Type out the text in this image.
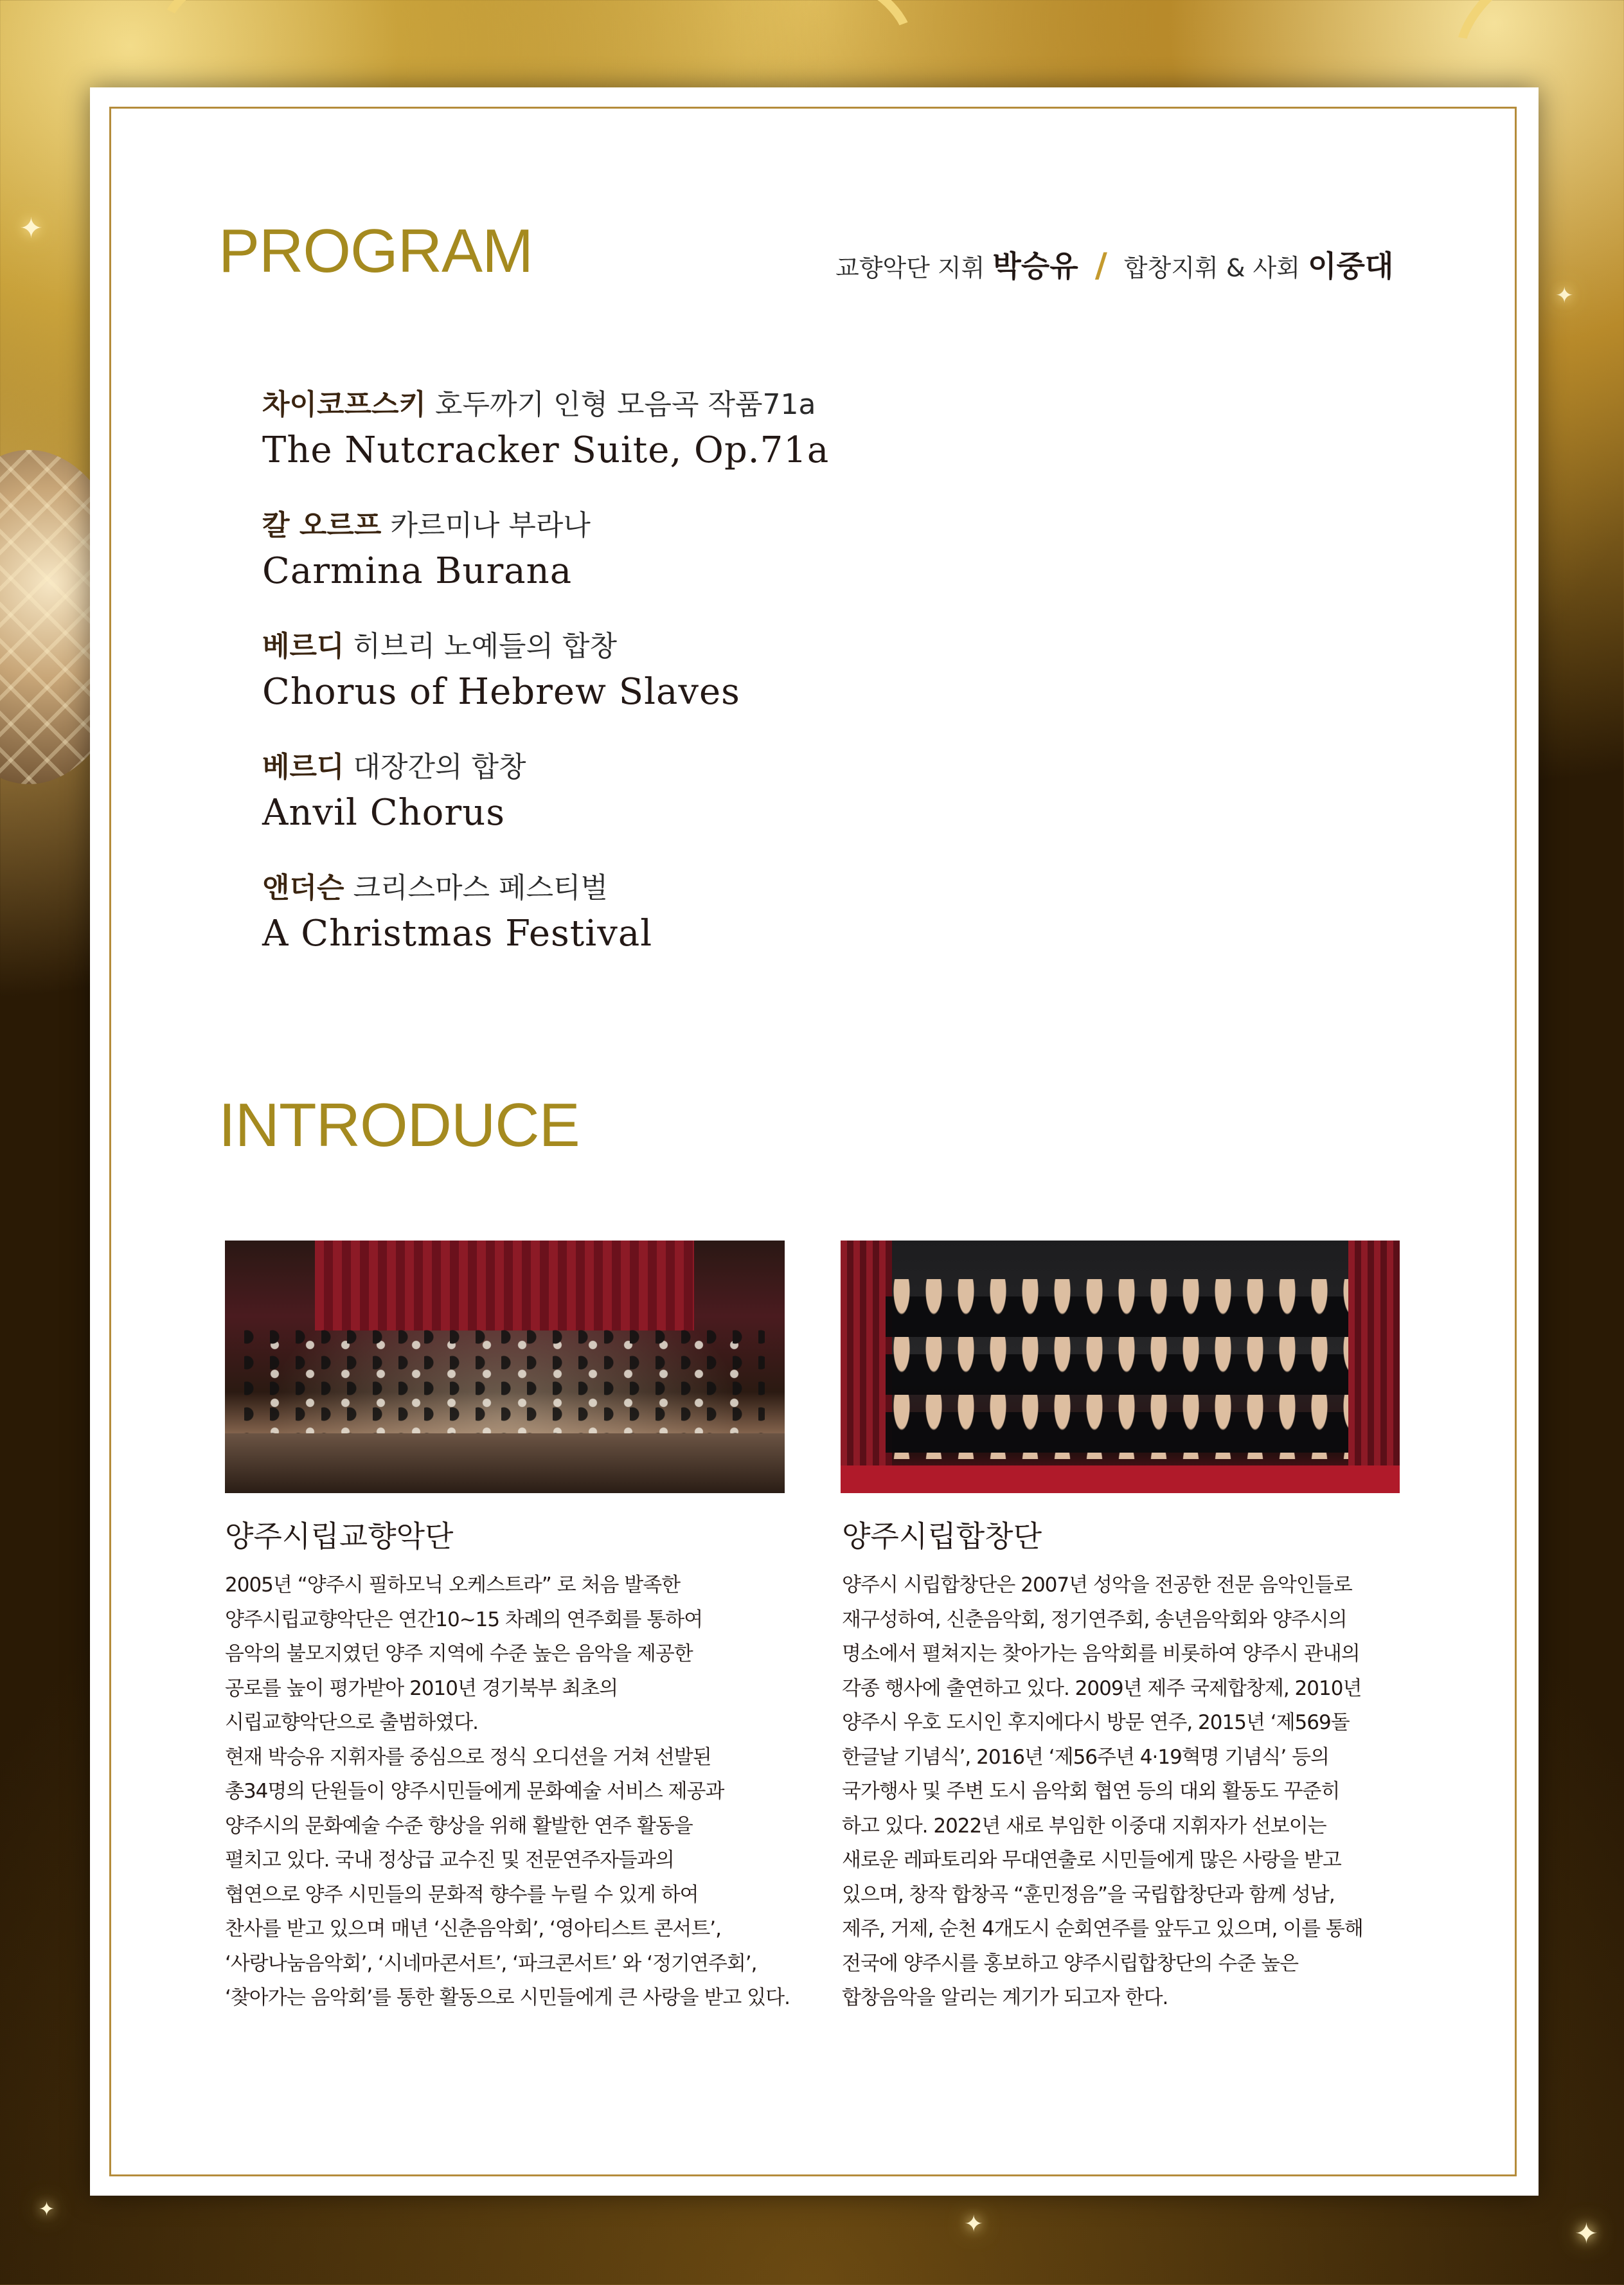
✦
✦
✦
✦
✦
PROGRAM	교향악단 지휘 박승유 / 합창지휘 & 사회 이중대
차이코프스키 호두까기 인형 모음곡 작품71a
The Nutcracker Suite, Op.71a
칼 오르프 카르미나 부라나
Carmina Burana
베르디 히브리 노예들의 합창
Chorus of Hebrew Slaves
베르디 대장간의 합창
Anvil Chorus
앤더슨 크리스마스 페스티벌
A Christmas Festival
INTRODUCE
양주시립교향악단
2005년 “양주시 필하모닉 오케스트라” 로 처음 발족한
양주시립교향악단은 연간10~15 차례의 연주회를 통하여
음악의 불모지였던 양주 지역에 수준 높은 음악을 제공한
공로를 높이 평가받아 2010년 경기북부 최초의
시립교향악단으로 출범하였다.
현재 박승유 지휘자를 중심으로 정식 오디션을 거쳐 선발된
총34명의 단원들이 양주시민들에게 문화예술 서비스 제공과
양주시의 문화예술 수준 향상을 위해 활발한 연주 활동을
펼치고 있다. 국내 정상급 교수진 및 전문연주자들과의
협연으로 양주 시민들의 문화적 향수를 누릴 수 있게 하여
찬사를 받고 있으며 매년 ‘신춘음악회’, ‘영아티스트 콘서트’,
‘사랑나눔음악회’, ‘시네마콘서트’, ‘파크콘서트’ 와 ‘정기연주회’,
‘찾아가는 음악회’를 통한 활동으로 시민들에게 큰 사랑을 받고 있다.
양주시립합창단
양주시 시립합창단은 2007년 성악을 전공한 전문 음악인들로
재구성하여, 신춘음악회, 정기연주회, 송년음악회와 양주시의
명소에서 펼쳐지는 찾아가는 음악회를 비롯하여 양주시 관내의
각종 행사에 출연하고 있다. 2009년 제주 국제합창제, 2010년
양주시 우호 도시인 후지에다시 방문 연주, 2015년 ‘제569돌
한글날 기념식’, 2016년 ‘제56주년 4·19혁명 기념식’ 등의
국가행사 및 주변 도시 음악회 협연 등의 대외 활동도 꾸준히
하고 있다. 2022년 새로 부임한 이중대 지휘자가 선보이는
새로운 레파토리와 무대연출로 시민들에게 많은 사랑을 받고
있으며, 창작 합창곡 “훈민정음”을 국립합창단과 함께 성남,
제주, 거제, 순천 4개도시 순회연주를 앞두고 있으며, 이를 통해
전국에 양주시를 홍보하고 양주시립합창단의 수준 높은
합창음악을 알리는 계기가 되고자 한다.
